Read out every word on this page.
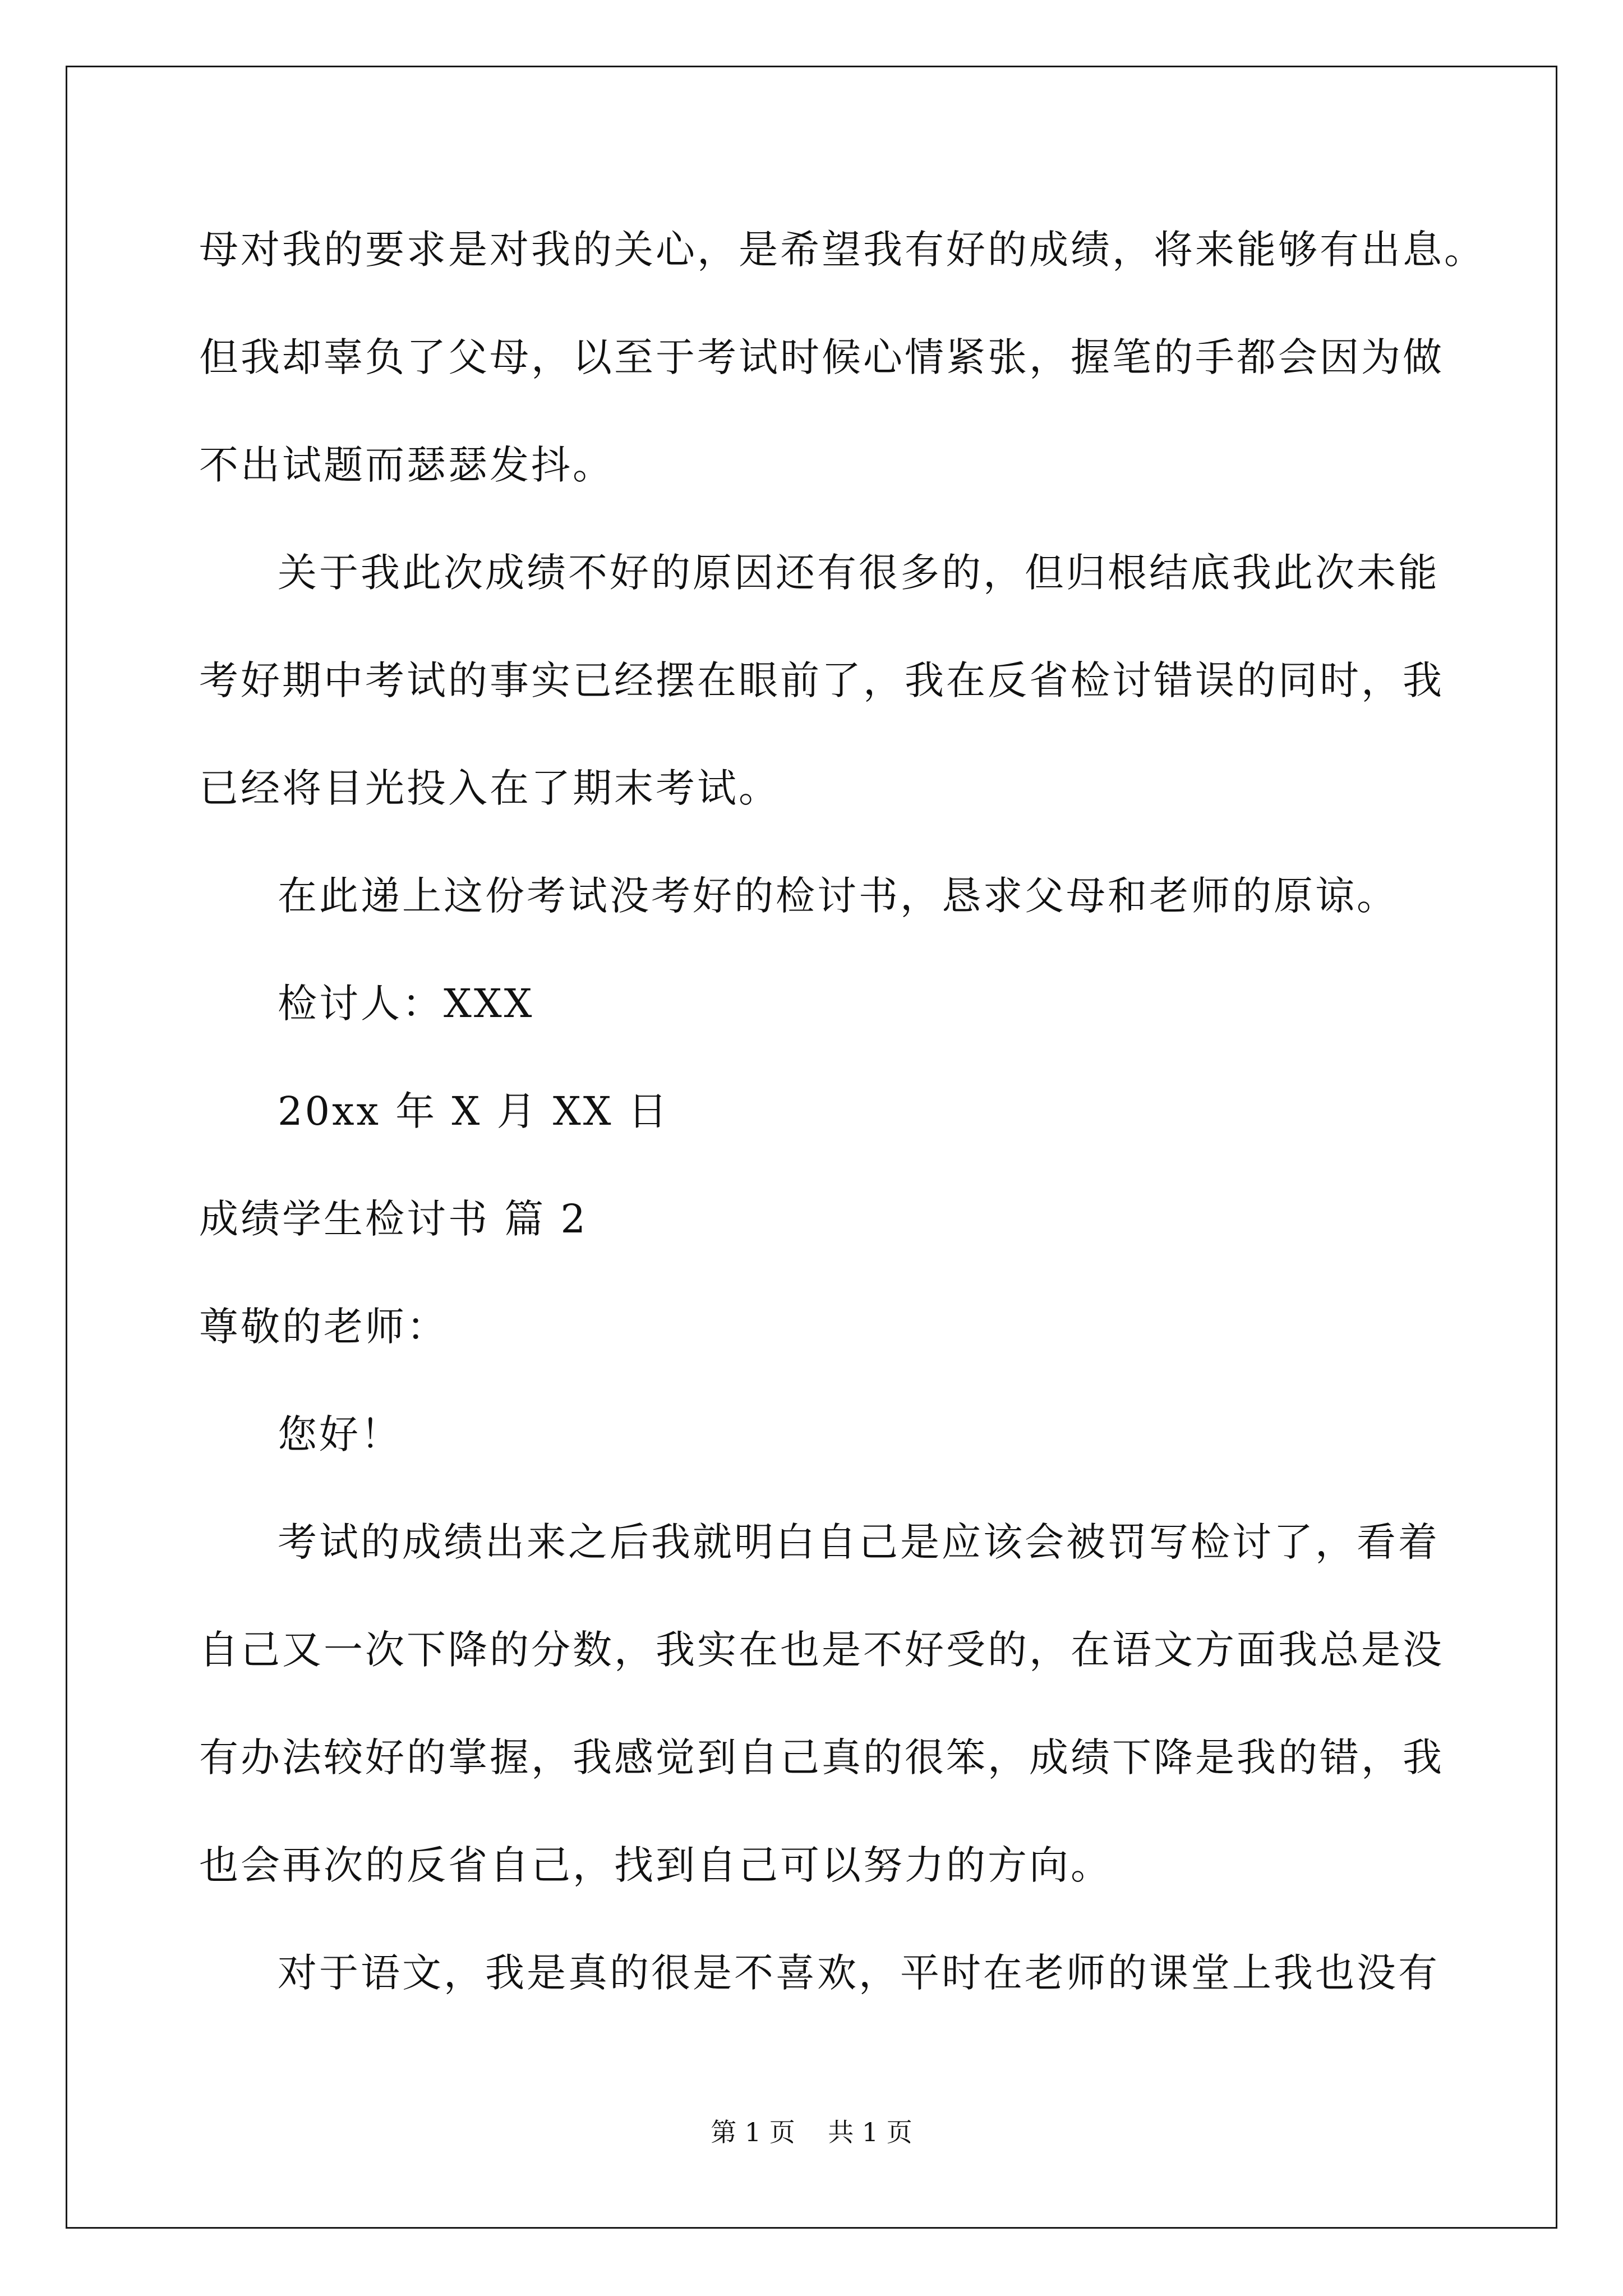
母对我的要求是对我的关心，是希望我有好的成绩，将来能够有出息。
但我却辜负了父母，以至于考试时候心情紧张，握笔的手都会因为做
不出试题而瑟瑟发抖。
关于我此次成绩不好的原因还有很多的，但归根结底我此次未能
考好期中考试的事实已经摆在眼前了，我在反省检讨错误的同时，我
已经将目光投入在了期末考试。
在此递上这份考试没考好的检讨书，恳求父母和老师的原谅。
检讨人：XXX
20xx 年 X 月 XX 日
成绩学生检讨书 篇 2
尊敬的老师：
您好！
考试的成绩出来之后我就明白自己是应该会被罚写检讨了，看着
自己又一次下降的分数，我实在也是不好受的，在语文方面我总是没
有办法较好的掌握，我感觉到自己真的很笨，成绩下降是我的错，我
也会再次的反省自己，找到自己可以努力的方向。
对于语文，我是真的很是不喜欢，平时在老师的课堂上我也没有
第 1 页 共 1 页
